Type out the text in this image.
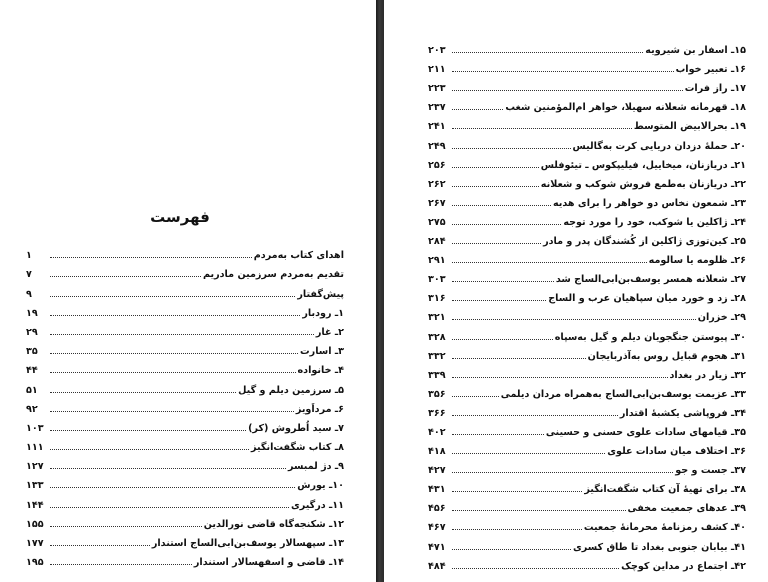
فهرست
اهدای کتاب به‌مردم
۱
تقدیم به‌مردم سرزمین مادریم
۷
پیش‌گفتار
۹
۱ـ رودبار
۱۹
۲ـ غار
۲۹
۳ـ اسارت
۳۵
۴ـ خانواده
۴۴
۵ـ سرزمین دیلم و گیل
۵۱
۶ـ مرداَویز
۹۲
۷ـ سید اُطروش (کر)
۱۰۳
۸ـ کتاب شگفت‌انگیز
۱۱۱
۹ـ دژ لمبسر
۱۲۷
۱۰ـ یورش
۱۳۳
۱۱ـ درگیری
۱۴۴
۱۲ـ شکنجه‌گاه قاضی نورالدین
۱۵۵
۱۳ـ سپهسالار یوسف‌بن‌ابی‌الساج استندار
۱۷۷
۱۴ـ قاضی و اسفهسالار استندار
۱۹۵
۱۵ـ اسفار بن شیرویه
۲۰۳
۱۶ـ تعبیر خواب
۲۱۱
۱۷ـ راز فرات
۲۲۳
۱۸ـ قهرمانه شعلانه سهیلا، خواهر ام‌المؤمنین شغب
۲۳۷
۱۹ـ بحرالابیض المتوسط
۲۴۱
۲۰ـ حملهٔ دزدان دریایی کرت به‌گالیس
۲۴۹
۲۱ـ دریازنان، میخاییل، فیلیپکوس ـ تیئوفلس
۲۵۶
۲۲ـ دریازنان به‌طمع فروش شوکب و شعلانه
۲۶۲
۲۳ـ شمعون نخاس دو خواهر را برای هدیه
۲۶۷
۲۴ـ ژاکلین یا شوکب، خود را مورد توجه
۲۷۵
۲۵ـ کین‌توزی ژاکلین از کُشندگان پدر و مادر
۲۸۴
۲۶ـ ظلومه یا سالومه
۲۹۱
۲۷ـ شعلانه همسر یوسف‌بن‌ابی‌الساج شد
۳۰۳
۲۸ـ زد و خورد میان سپاهیان عرب و الساج
۳۱۶
۲۹ـ خزران
۳۲۱
۳۰ـ پیوستن جنگجویان دیلم و گیل به‌سپاه
۳۲۸
۳۱ـ هجوم قبایل روس به‌آذربایجان
۳۳۲
۳۲ـ زیار در بغداد
۳۳۹
۳۳ـ عزیمت یوسف‌بن‌ابی‌الساج به‌همراه مردان دیلمی
۳۵۶
۳۴ـ فروپاشی یکشبهٔ اقتدار
۳۶۶
۳۵ـ قیامهای سادات علوی حسنی و حسینی
۴۰۲
۳۶ـ اختلاف میان سادات علوی
۴۱۸
۳۷ـ جست و جو
۴۲۷
۳۸ـ برای تهیهٔ آن کتاب شگفت‌انگیز
۴۳۱
۳۹ـ عدهای جمعیت مخفی
۴۵۶
۴۰ـ کشف رمزنامهٔ محرمانهٔ جمعیت
۴۶۷
۴۱ـ بیابان جنوبی بغداد تا طاق کسری
۴۷۱
۴۲ـ اجتماع در مداین کوچک
۴۸۴
